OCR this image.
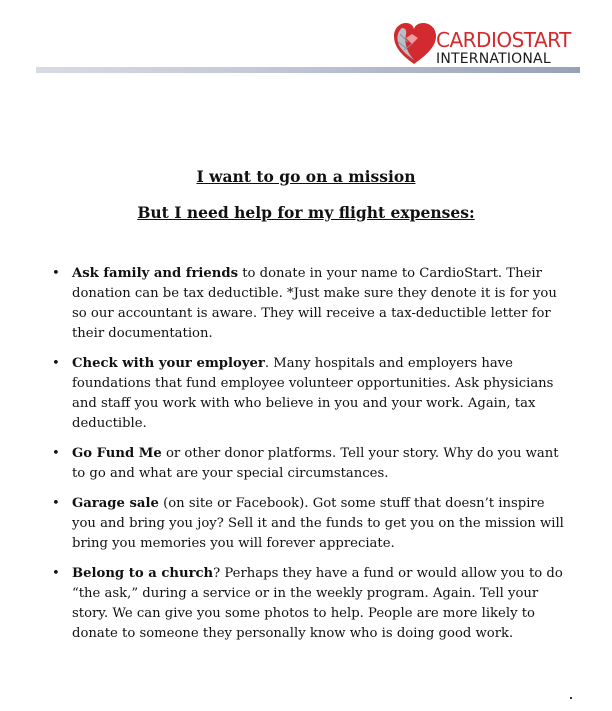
CARDIOSTART
INTERNATIONAL
I want to go on a mission
But I need help for my flight expenses:
• Ask family and friends to donate in your name to CardioStart. Their donation can be tax deductible. *Just make sure they denote it is for you so our accountant is aware. They will receive a tax-deductible letter for their documentation.
• Check with your employer. Many hospitals and employers have foundations that fund employee volunteer opportunities. Ask physicians and staff you work with who believe in you and your work. Again, tax deductible.
• Go Fund Me or other donor platforms. Tell your story. Why do you want to go and what are your special circumstances.
• Garage sale (on site or Facebook). Got some stuff that doesn’t inspire you and bring you joy? Sell it and the funds to get you on the mission will bring you memories you will forever appreciate.
• Belong to a church? Perhaps they have a fund or would allow you to do “the ask,” during a service or in the weekly program. Again. Tell your story. We can give you some photos to help. People are more likely to donate to someone they personally know who is doing good work.
